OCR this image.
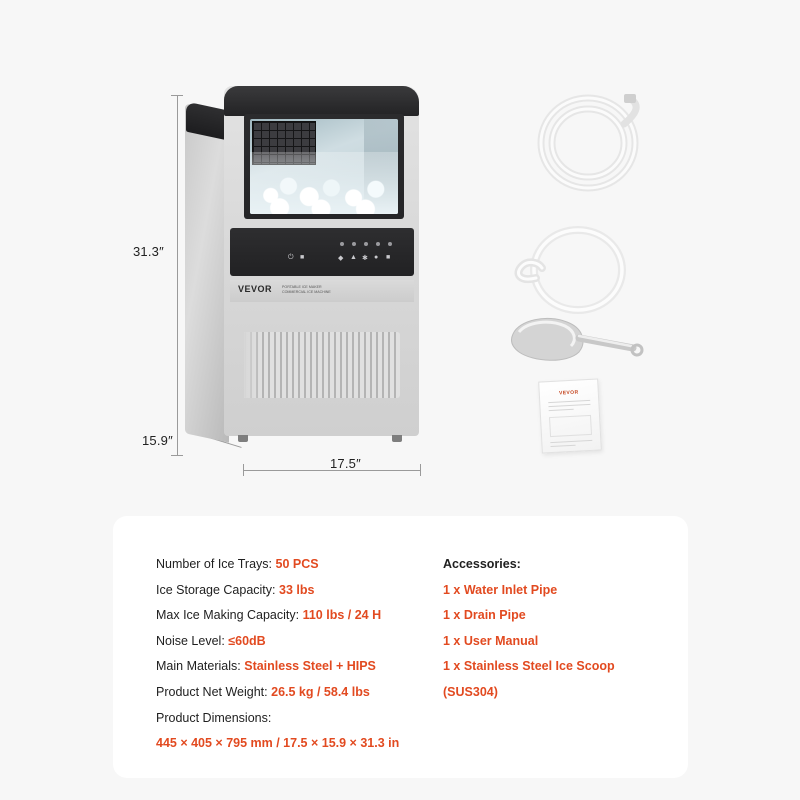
31.3″
15.9″
17.5″
⏻ ■	◆ ▲ ✱ ● ■
VEVOR	PORTABLE ICE MAKER COMMERCIAL ICE MACHINE
VEVOR
Number of Ice Trays: 50 PCS
Ice Storage Capacity: 33 lbs
Max Ice Making Capacity: 110 lbs / 24 H
Noise Level: ≤60dB
Main Materials: Stainless Steel + HIPS
Product Net Weight: 26.5 kg / 58.4 lbs
Product Dimensions:
445 × 405 × 795 mm / 17.5 × 15.9 × 31.3 in
Accessories:
1 x Water Inlet Pipe
1 x Drain Pipe
1 x User Manual
1 x Stainless Steel Ice Scoop
(SUS304)
